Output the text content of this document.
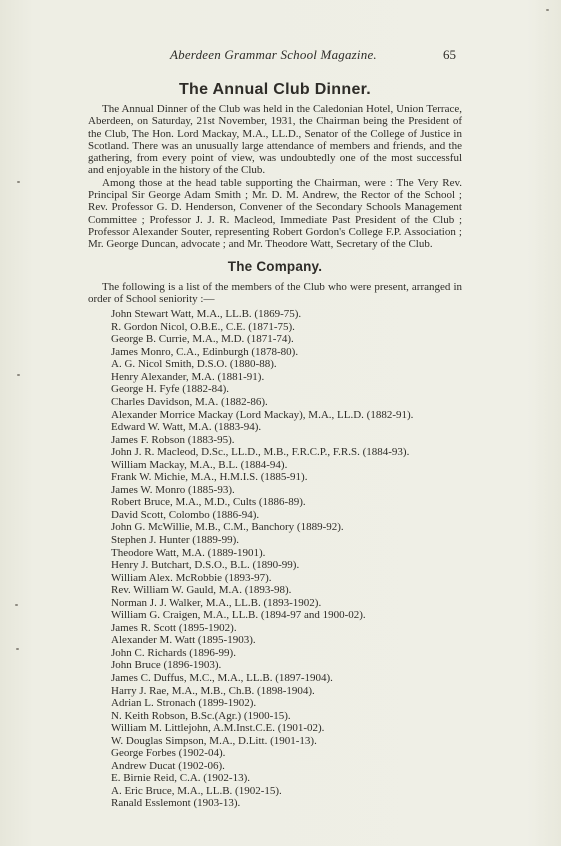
Aberdeen Grammar School Magazine.	65
The Annual Club Dinner.

The Annual Dinner of the Club was held in the Caledonian Hotel, Union Terrace, Aberdeen, on Saturday, 21st November, 1931, the Chairman being the President of the Club, The Hon. Lord Mackay, M.A., LL.D., Senator of the College of Justice in Scotland. There was an unusually large attendance of members and friends, and the gathering, from every point of view, was undoubtedly one of the most successful and enjoyable in the history of the Club.

Among those at the head table supporting the Chairman, were : The Very Rev. Principal Sir George Adam Smith ; Mr. D. M. Andrew, the Rector of the School ; Rev. Professor G. D. Henderson, Convener of the Secondary Schools Management Committee ; Professor J. J. R. Macleod, Immediate Past President of the Club ; Professor Alexander Souter, representing Robert Gordon's College F.P. Association ; Mr. George Duncan, advocate ; and Mr. Theodore Watt, Secretary of the Club.

The Company.

The following is a list of the members of the Club who were present, arranged in order of School seniority :—

John Stewart Watt, M.A., LL.B. (1869-75).
R. Gordon Nicol, O.B.E., C.E. (1871-75).
George B. Currie, M.A., M.D. (1871-74).
James Monro, C.A., Edinburgh (1878-80).
A. G. Nicol Smith, D.S.O. (1880-88).
Henry Alexander, M.A. (1881-91).
George H. Fyfe (1882-84).
Charles Davidson, M.A. (1882-86).
Alexander Morrice Mackay (Lord Mackay), M.A., LL.D. (1882-91).
Edward W. Watt, M.A. (1883-94).
James F. Robson (1883-95).
John J. R. Macleod, D.Sc., LL.D., M.B., F.R.C.P., F.R.S. (1884-93).
William Mackay, M.A., B.L. (1884-94).
Frank W. Michie, M.A., H.M.I.S. (1885-91).
James W. Monro (1885-93).
Robert Bruce, M.A., M.D., Cults (1886-89).
David Scott, Colombo (1886-94).
John G. McWillie, M.B., C.M., Banchory (1889-92).
Stephen J. Hunter (1889-99).
Theodore Watt, M.A. (1889-1901).
Henry J. Butchart, D.S.O., B.L. (1890-99).
William Alex. McRobbie (1893-97).
Rev. William W. Gauld, M.A. (1893-98).
Norman J. J. Walker, M.A., LL.B. (1893-1902).
William G. Craigen, M.A., LL.B. (1894-97 and 1900-02).
James R. Scott (1895-1902).
Alexander M. Watt (1895-1903).
John C. Richards (1896-99).
John Bruce (1896-1903).
James C. Duffus, M.C., M.A., LL.B. (1897-1904).
Harry J. Rae, M.A., M.B., Ch.B. (1898-1904).
Adrian L. Stronach (1899-1902).
N. Keith Robson, B.Sc.(Agr.) (1900-15).
William M. Littlejohn, A.M.Inst.C.E. (1901-02).
W. Douglas Simpson, M.A., D.Litt. (1901-13).
George Forbes (1902-04).
Andrew Ducat (1902-06).
E. Birnie Reid, C.A. (1902-13).
A. Eric Bruce, M.A., LL.B. (1902-15).
Ranald Esslemont (1903-13).
